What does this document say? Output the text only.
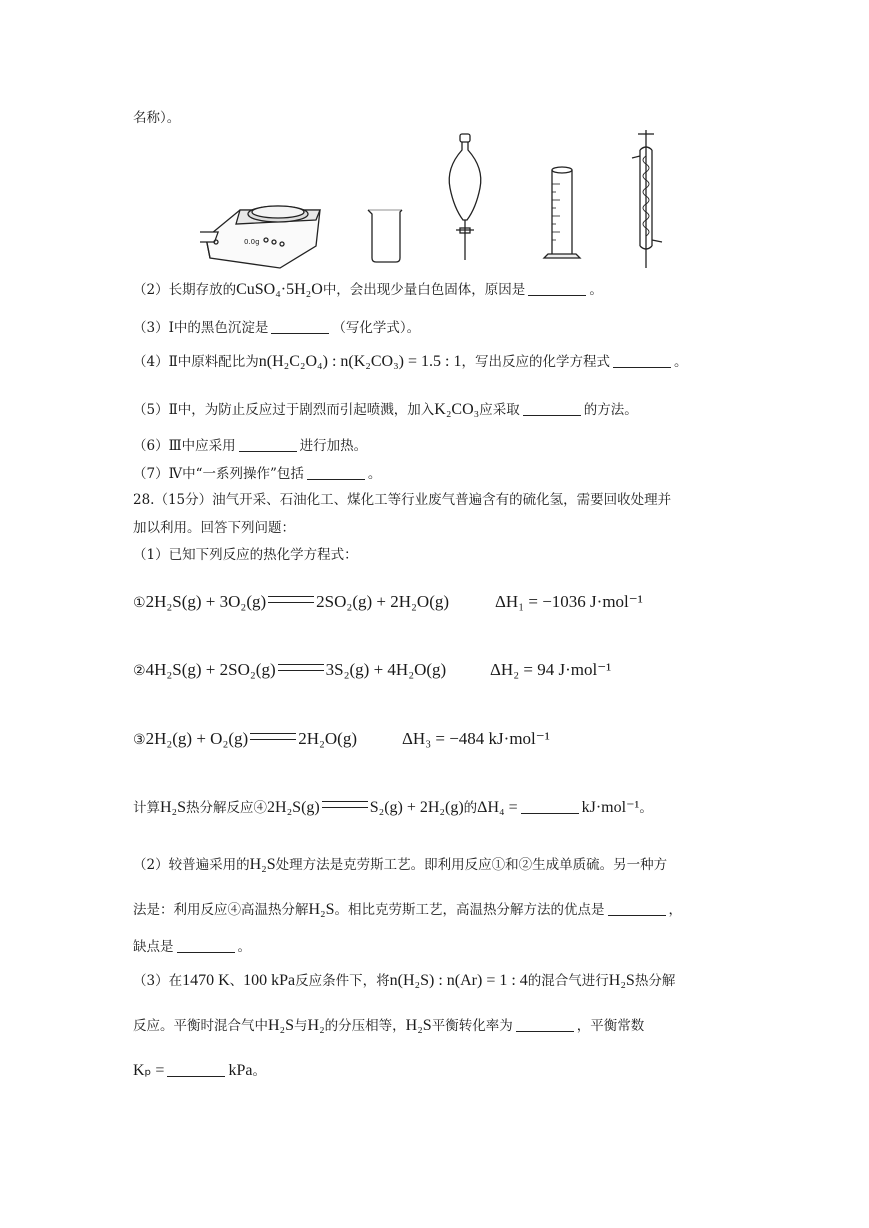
名称）。
0.0g
（2）长期存放的CuSO₄·5H₂O中，会出现少量白色固体，原因是	。
（3）Ⅰ中的黑色沉淀是	（写化学式）。
（4）Ⅱ中原料配比为n(H₂C₂O₄) : n(K₂CO₃) = 1.5 : 1，写出反应的化学方程式	。
（5）Ⅱ中，为防止反应过于剧烈而引起喷溅，加入K₂CO₃应采取	的方法。
（6）Ⅲ中应采用	进行加热。
（7）Ⅳ中“一系列操作”包括	。
28.（15分）油气开采、石油化工、煤化工等行业废气普遍含有的硫化氢，需要回收处理并
加以利用。回答下列问题：
（1）已知下列反应的热化学方程式：
①2H₂S(g) + 3O₂(g)	2SO₂(g) + 2H₂O(g)	ΔH₁ = −1036 J·mol⁻¹
②4H₂S(g) + 2SO₂(g)	3S₂(g) + 4H₂O(g)	ΔH₂ = 94 J·mol⁻¹
③2H₂(g) + O₂(g)	2H₂O(g)	ΔH₃ = −484 kJ·mol⁻¹
计算H₂S热分解反应④2H₂S(g)	S₂(g) + 2H₂(g)的ΔH₄ =	kJ·mol⁻¹。
（2）较普遍采用的H₂S处理方法是克劳斯工艺。即利用反应①和②生成单质硫。另一种方
法是：利用反应④高温热分解H₂S。相比克劳斯工艺，高温热分解方法的优点是	，
缺点是	。
（3）在1470 K、100 kPa反应条件下，将n(H₂S) : n(Ar) = 1 : 4的混合气进行H₂S热分解
反应。平衡时混合气中H₂S与H₂的分压相等，H₂S平衡转化率为	，平衡常数
Kₚ =	kPa。
